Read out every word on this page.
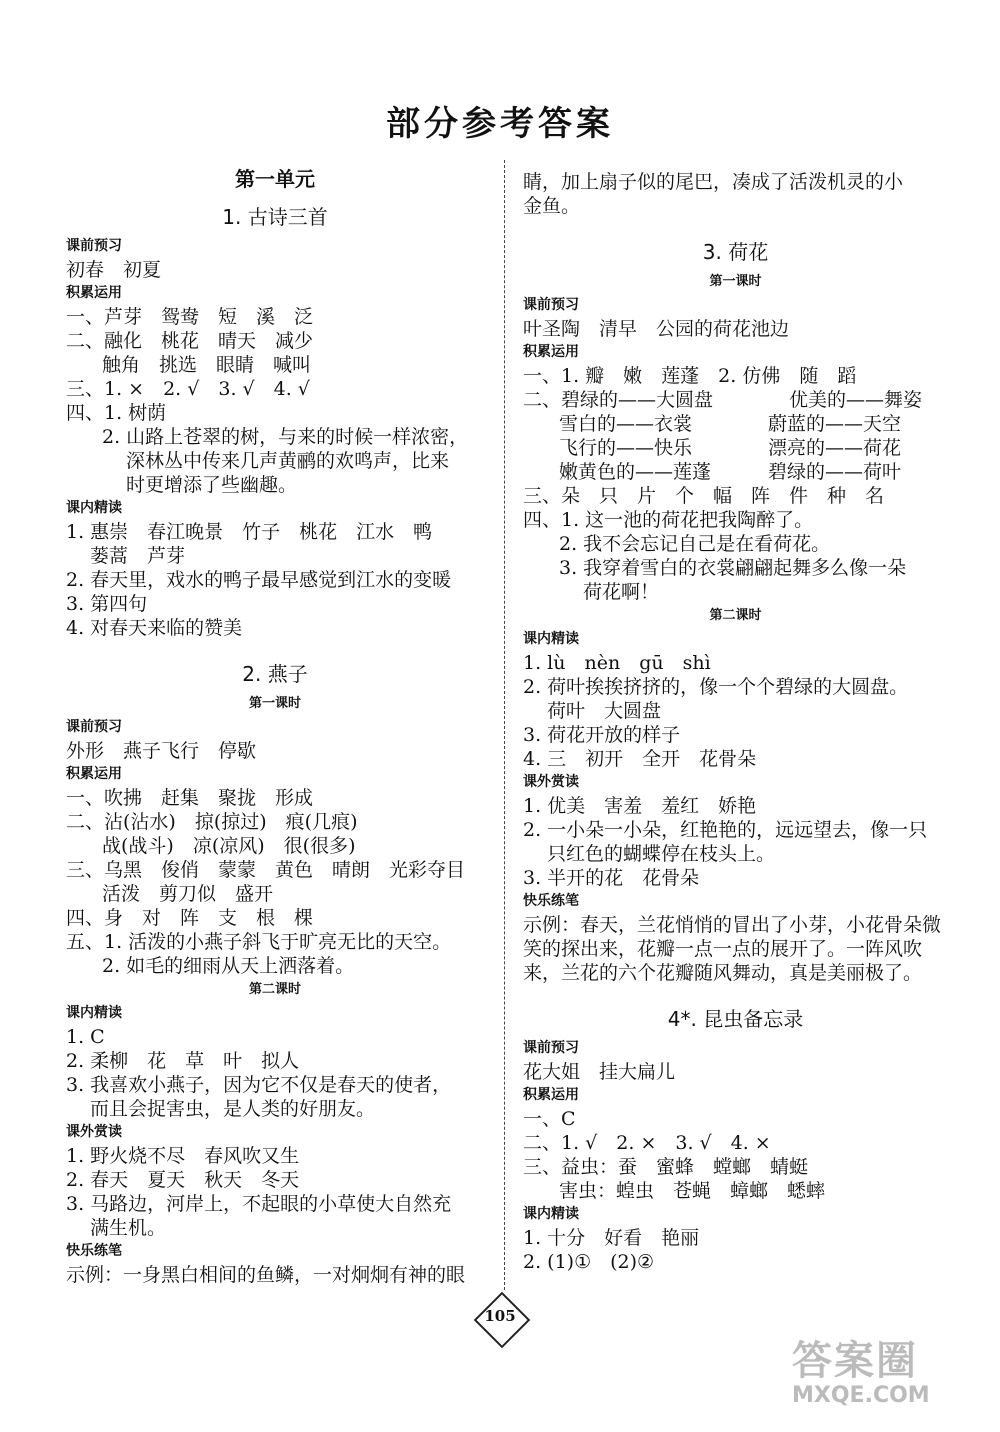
部分参考答案
第一单元
1. 古诗三首
课前预习
初春　初夏
积累运用
一、芦芽　鸳鸯　短　溪　泛
二、融化　桃花　晴天　减少
触角　挑选　眼睛　喊叫
三、1. ×　2. √　3. √　4. √
四、1. 树荫
2. 山路上苍翠的树，与来的时候一样浓密，
深林丛中传来几声黄鹂的欢鸣声，比来
时更增添了些幽趣。
课内精读
1. 惠崇　春江晚景　竹子　桃花　江水　鸭
蒌蒿　芦芽
2. 春天里，戏水的鸭子最早感觉到江水的变暖
3. 第四句
4. 对春天来临的赞美
2. 燕子
第一课时
课前预习
外形　燕子飞行　停歇
积累运用
一、吹拂　赶集　聚拢　形成
二、沾(沾水)　掠(掠过)　痕(几痕)
战(战斗)　凉(凉风)　很(很多)
三、乌黑　俊俏　蒙蒙　黄色　晴朗　光彩夺目
活泼　剪刀似　盛开
四、身　对　阵　支　根　棵
五、1. 活泼的小燕子斜飞于旷亮无比的天空。
2. 如毛的细雨从天上洒落着。
第二课时
课内精读
1. C
2. 柔柳　花　草　叶　拟人
3. 我喜欢小燕子，因为它不仅是春天的使者，
而且会捉害虫，是人类的好朋友。
课外赏读
1. 野火烧不尽　春风吹又生
2. 春天　夏天　秋天　冬天
3. 马路边，河岸上，不起眼的小草使大自然充
满生机。
快乐练笔
示例：一身黑白相间的鱼鳞，一对炯炯有神的眼
睛，加上扇子似的尾巴，凑成了活泼机灵的小
金鱼。
3. 荷花
第一课时
课前预习
叶圣陶　清早　公园的荷花池边
积累运用
一、1. 瓣　嫩　莲蓬　2. 仿佛　随　蹈
二、碧绿的——大圆盘　　　　优美的——舞姿
雪白的——衣裳　　　　蔚蓝的——天空
飞行的——快乐　　　　漂亮的——荷花
嫩黄色的——莲蓬　　　碧绿的——荷叶
三、朵　只　片　个　幅　阵　件　种　名
四、1. 这一池的荷花把我陶醉了。
2. 我不会忘记自己是在看荷花。
3. 我穿着雪白的衣裳翩翩起舞多么像一朵
荷花啊！
第二课时
课内精读
1. lù　nèn　gū　shì
2. 荷叶挨挨挤挤的，像一个个碧绿的大圆盘。
荷叶　大圆盘
3. 荷花开放的样子
4. 三　初开　全开　花骨朵
课外赏读
1. 优美　害羞　羞红　娇艳
2. 一小朵一小朵，红艳艳的，远远望去，像一只
只红色的蝴蝶停在枝头上。
3. 半开的花　花骨朵
快乐练笔
示例：春天，兰花悄悄的冒出了小芽，小花骨朵微
笑的探出来，花瓣一点一点的展开了。一阵风吹
来，兰花的六个花瓣随风舞动，真是美丽极了。
4*. 昆虫备忘录
课前预习
花大姐　挂大扁儿
积累运用
一、C
二、1. √　2. ×　3. √　4. ×
三、益虫：蚕　蜜蜂　螳螂　蜻蜓
害虫：蝗虫　苍蝇　蟑螂　蟋蟀
课内精读
1. 十分　好看　艳丽
2. (1)①　(2)②
105
答案圈
MXQE.COM
